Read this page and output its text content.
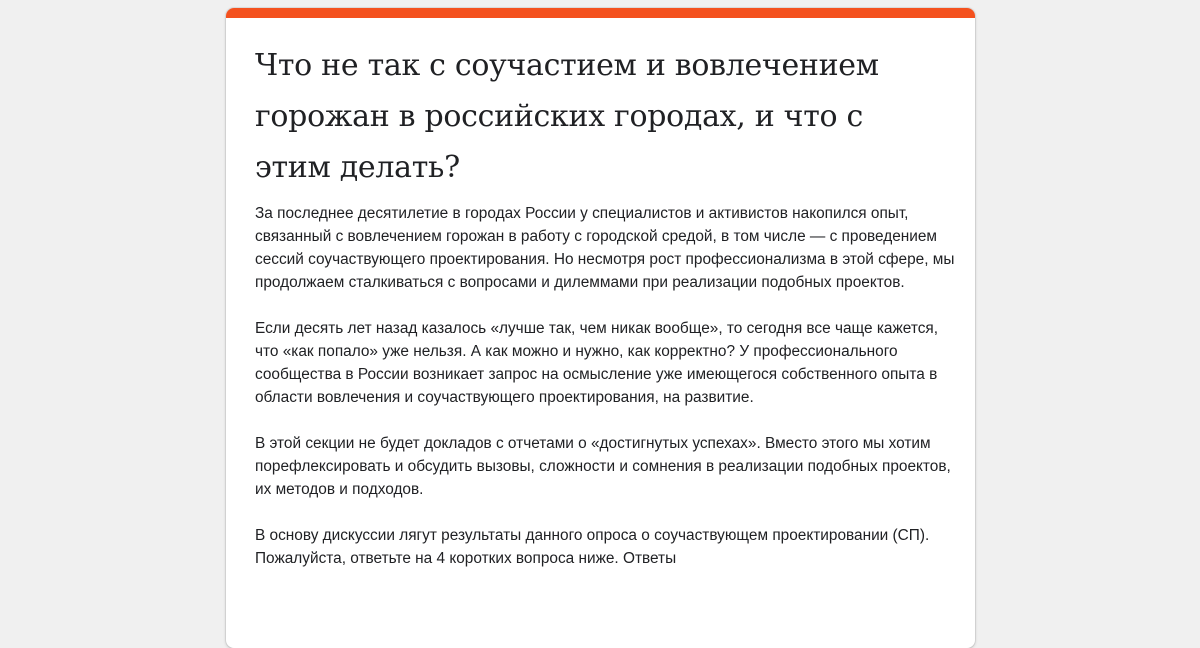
Что не так с соучастием и вовлечением горожан в российских городах, и что с этим делать?

За последнее десятилетие в городах России у специалистов и активистов накопился опыт, связанный с вовлечением горожан в работу с городской средой, в том числе — с проведением сессий соучаствующего проектирования. Но несмотря рост профессионализма в этой сфере, мы продолжаем сталкиваться с вопросами и дилеммами при реализации подобных проектов.

Если десять лет назад казалось «лучше так, чем никак вообще», то сегодня все чаще кажется, что «как попало» уже нельзя. А как можно и нужно, как корректно? У профессионального сообщества в России возникает запрос на осмысление уже имеющегося собственного опыта в области вовлечения и соучаствующего проектирования, на развитие.

В этой секции не будет докладов с отчетами о «достигнутых успехах». Вместо этого мы хотим порефлексировать и обсудить вызовы, сложности и сомнения в реализации подобных проектов, их методов и подходов.

В основу дискуссии лягут результаты данного опроса о соучаствующем проектировании (СП). Пожалуйста, ответьте на 4 коротких вопроса ниже. Ответы
